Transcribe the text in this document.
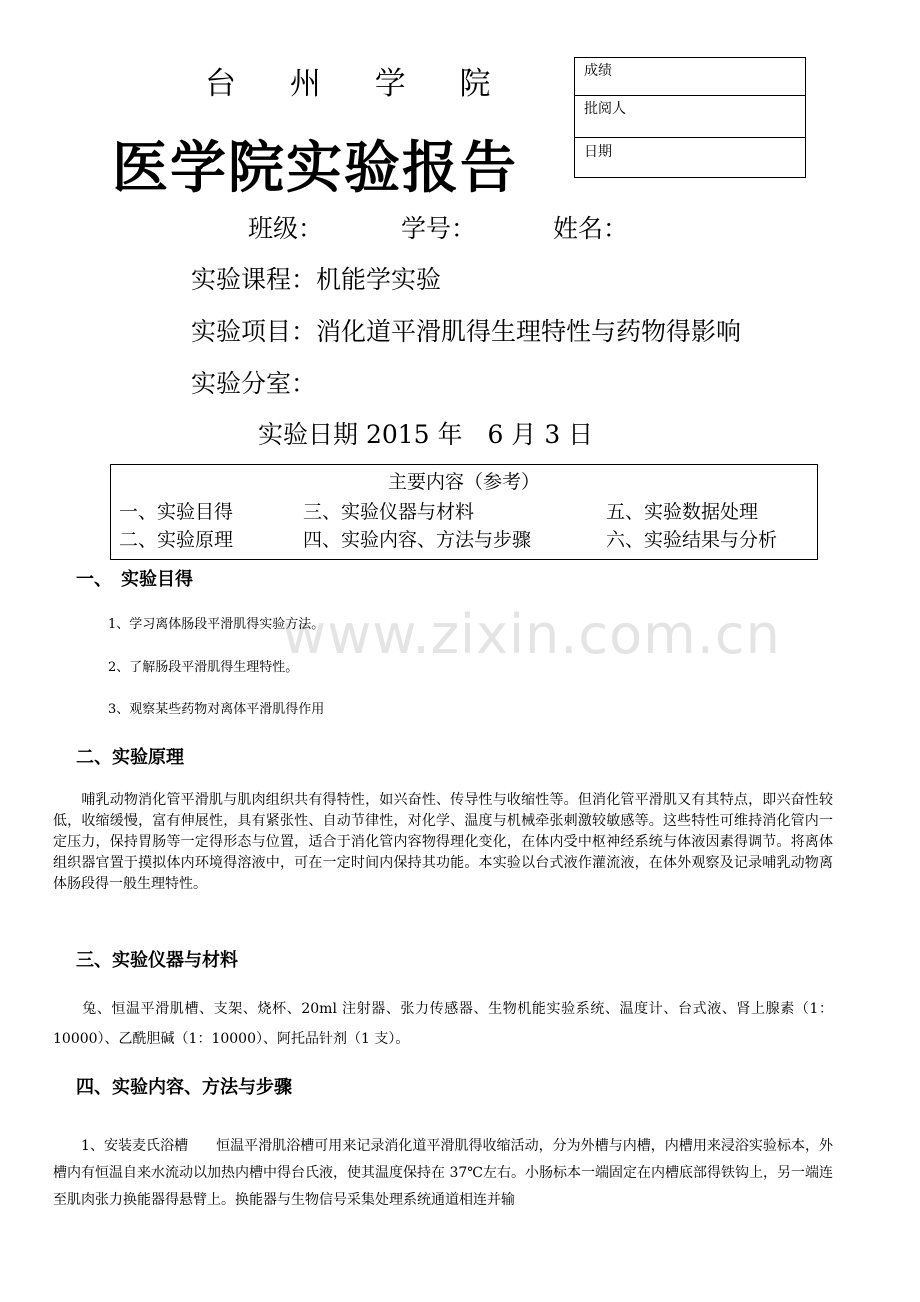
台 州 学 院
医学院实验报告
成绩
批阅人
日期
班级：	学号：	姓名：
实验课程：机能学实验
实验项目：消化道平滑肌得生理特性与药物得影响
实验分室：
实验日期 2015 年　6 月 3 日
主要内容（参考）
一、实验目得
二、实验原理
三、实验仪器与材料
四、实验内容、方法与步骤
五、实验数据处理
六、实验结果与分析
www.zixin.com.cn
一、　实验目得
1、学习离体肠段平滑肌得实验方法。
2、了解肠段平滑肌得生理特性。
3、观察某些药物对离体平滑肌得作用
二、实验原理
　　哺乳动物消化管平滑肌与肌肉组织共有得特性，如兴奋性、传导性与收缩性等。但消化管平滑肌又有其特点，即兴奋性较低，收缩缓慢，富有伸展性，具有紧张性、自动节律性，对化学、温度与机械牵张刺激较敏感等。这些特性可维持消化管内一定压力，保持胃肠等一定得形态与位置，适合于消化管内容物得理化变化，在体内受中枢神经系统与体液因素得调节。将离体组织器官置于摸拟体内环境得溶液中，可在一定时间内保持其功能。本实验以台式液作灌流液，在体外观察及记录哺乳动物离体肠段得一般生理特性。
三、实验仪器与材料
　　兔、恒温平滑肌槽、支架、烧杯、20ml 注射器、张力传感器、生物机能实验系统、温度计、台式液、肾上腺素（1：10000）、乙酰胆碱（1：10000）、阿托品针剂（1 支）。
四、实验内容、方法与步骤
　　1、安装麦氏浴槽　　恒温平滑肌浴槽可用来记录消化道平滑肌得收缩活动，分为外槽与内槽，内槽用来浸浴实验标本，外槽内有恒温自来水流动以加热内槽中得台氏液，使其温度保持在 37℃左右。小肠标本一端固定在内槽底部得铁钩上，另一端连至肌肉张力换能器得悬臂上。换能器与生物信号采集处理系统通道相连并输
